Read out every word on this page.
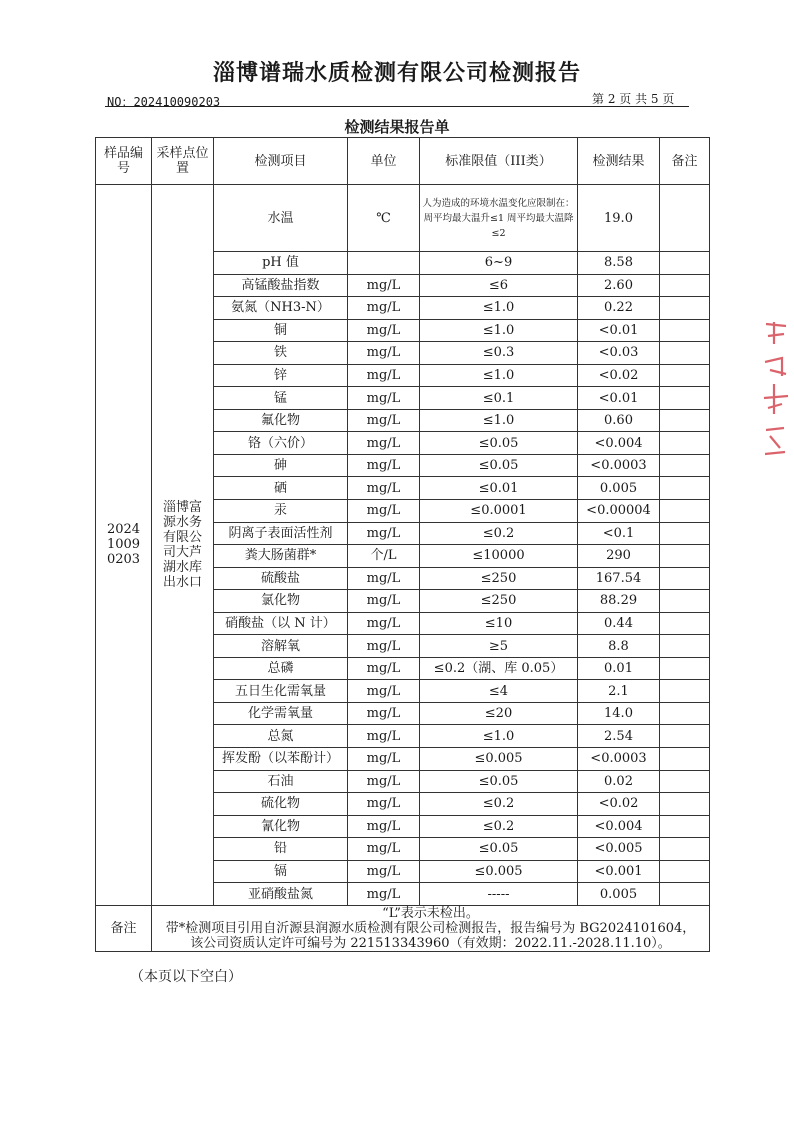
淄博谱瑞水质检测有限公司检测报告
NO：202410090203	第 2 页 共 5 页
检测结果报告单
样品编号	采样点位置	检测项目	单位	标准限值（III类）	检测结果	备注
2024 1009 0203	淄博富源水务有限公司大芦湖水库出水口	水温	℃	人为造成的环境水温变化应限制在：周平均最大温升≤1 周平均最大温降≤2	19.0	
		pH 值		6~9	8.58	
		高锰酸盐指数	mg/L	≤6	2.60	
		氨氮（NH3-N）	mg/L	≤1.0	0.22	
		铜	mg/L	≤1.0	<0.01	
		铁	mg/L	≤0.3	<0.03	
		锌	mg/L	≤1.0	<0.02	
		锰	mg/L	≤0.1	<0.01	
		氟化物	mg/L	≤1.0	0.60	
		铬（六价）	mg/L	≤0.05	<0.004	
		砷	mg/L	≤0.05	<0.0003	
		硒	mg/L	≤0.01	0.005	
		汞	mg/L	≤0.0001	<0.00004	
		阴离子表面活性剂	mg/L	≤0.2	<0.1	
		粪大肠菌群*	个/L	≤10000	290	
		硫酸盐	mg/L	≤250	167.54	
		氯化物	mg/L	≤250	88.29	
		硝酸盐（以 N 计）	mg/L	≤10	0.44	
		溶解氧	mg/L	≥5	8.8	
		总磷	mg/L	≤0.2（湖、库 0.05）	0.01	
		五日生化需氧量	mg/L	≤4	2.1	
		化学需氧量	mg/L	≤20	14.0	
		总氮	mg/L	≤1.0	2.54	
		挥发酚（以苯酚计）	mg/L	≤0.005	<0.0003	
		石油	mg/L	≤0.05	0.02	
		硫化物	mg/L	≤0.2	<0.02	
		氰化物	mg/L	≤0.2	<0.004	
		铅	mg/L	≤0.05	<0.005	
		镉	mg/L	≤0.005	<0.001	
		亚硝酸盐氮	mg/L	-----	0.005	
备注	“L”表示未检出。
带*检测项目引用自沂源县润源水质检测有限公司检测报告，报告编号为 BG2024101604，
该公司资质认定许可编号为 221513343960（有效期：2022.11.-2028.11.10）。					
（本页以下空白）
